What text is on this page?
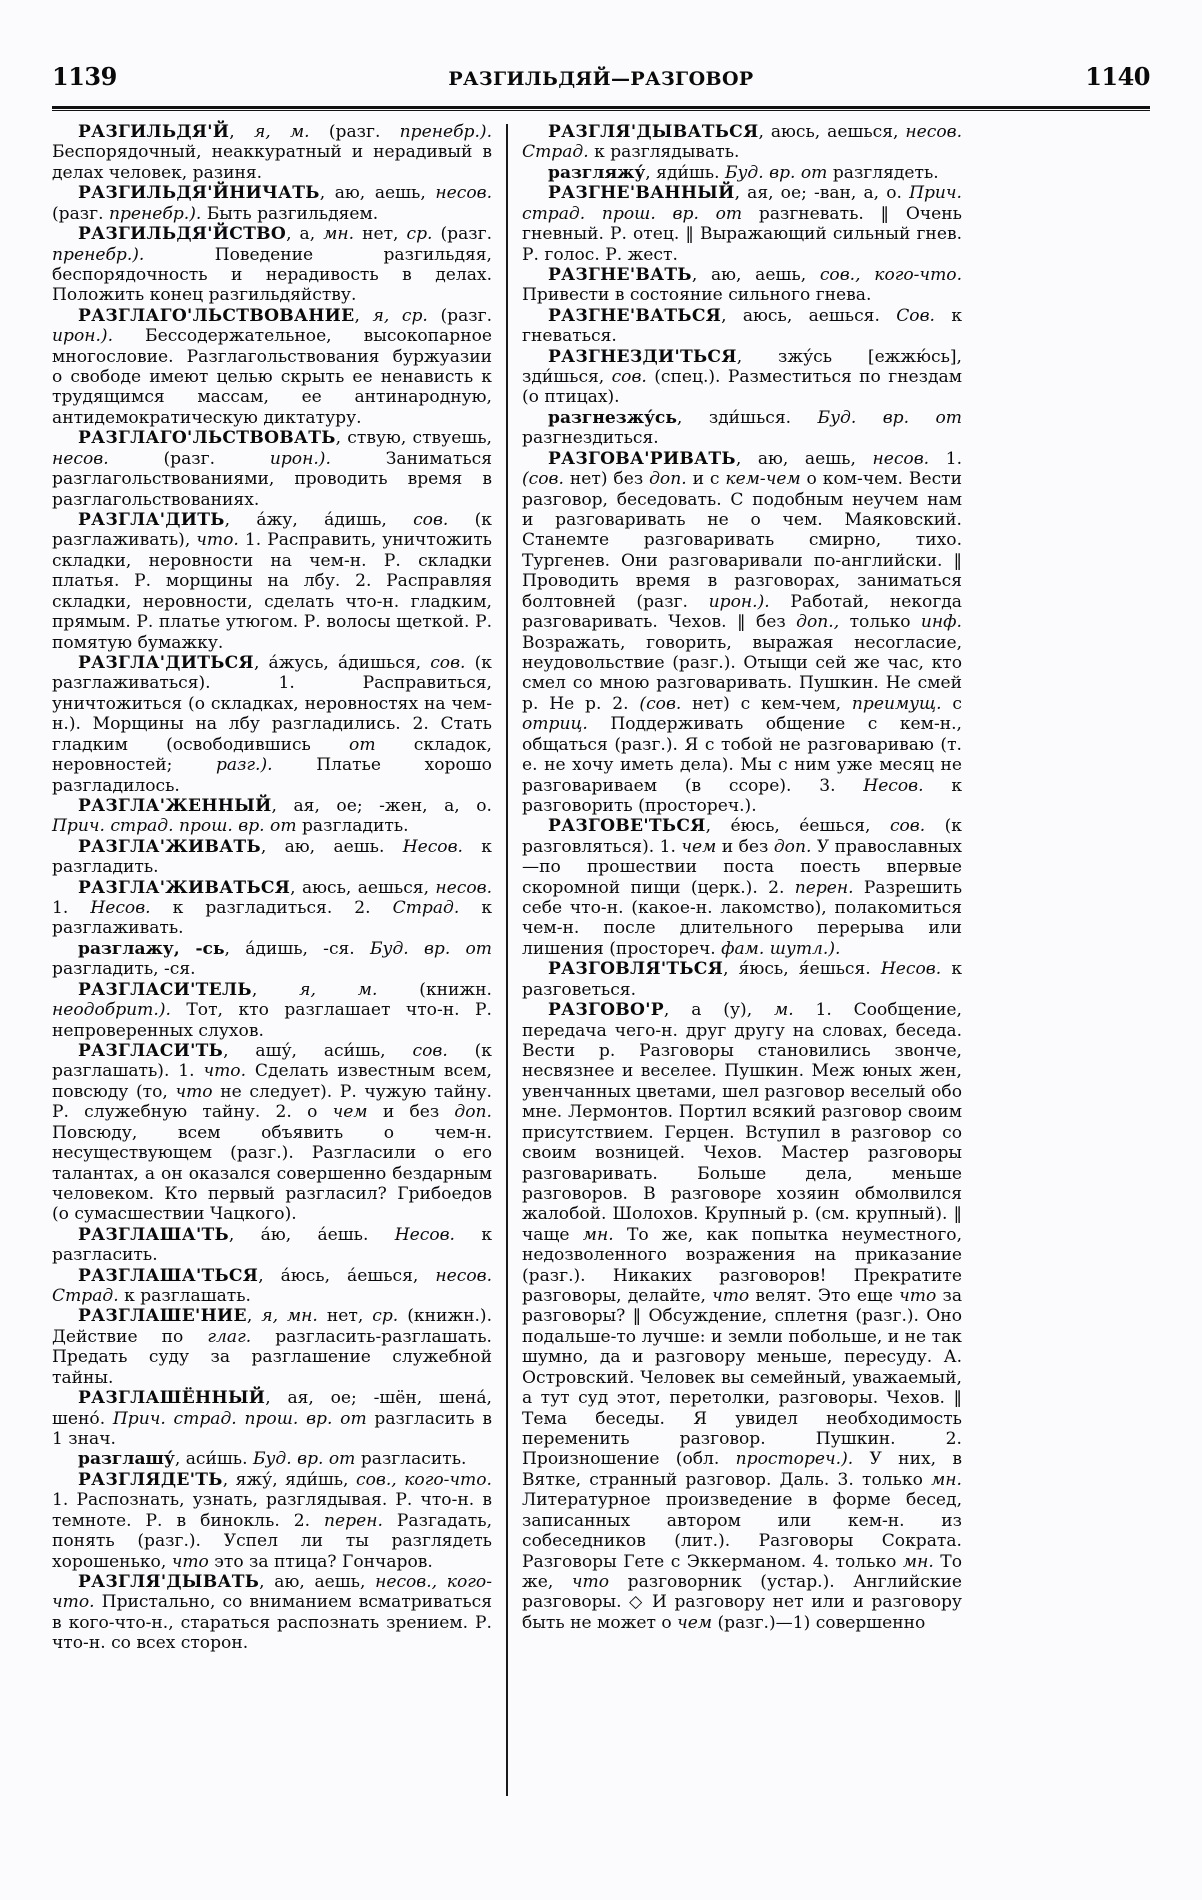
1139	РАЗГИЛЬДЯЙ—РАЗГОВОР	1140

РАЗГИЛЬДЯ'Й, я, м. (разг. пренебр.). Беспорядочный, неаккуратный и нерадивый в делах человек, разиня.

РАЗГИЛЬДЯ'ЙНИЧАТЬ, аю, аешь, несов. (разг. пренебр.). Быть разгильдяем.

РАЗГИЛЬДЯ'ЙСТВО, а, мн. нет, ср. (разг. пренебр.). Поведение разгильдяя, беспорядочность и нерадивость в делах. Положить конец разгильдяйству.

РАЗГЛАГО'ЛЬСТВОВАНИЕ, я, ср. (разг. ирон.). Бессодержательное, высокопарное многословие. Разглагольствования буржуазии о свободе имеют целью скрыть ее ненависть к трудящимся массам, ее антинародную, антидемократическую диктатуру.

РАЗГЛАГО'ЛЬСТВОВАТЬ, ствую, ствуешь, несов. (разг. ирон.). Заниматься разглагольствованиями, проводить время в разглагольствованиях.

РАЗГЛА'ДИТЬ, а́жу, а́дишь, сов. (к разглаживать), что. 1. Расправить, уничтожить складки, неровности на чем-н. Р. складки платья. Р. морщины на лбу. 2. Расправляя складки, неровности, сделать что-н. гладким, прямым. Р. платье утюгом. Р. волосы щеткой. Р. помятую бумажку.

РАЗГЛА'ДИТЬСЯ, а́жусь, а́дишься, сов. (к разглаживаться). 1. Расправиться, уничтожиться (о складках, неровностях на чем-н.). Морщины на лбу разгладились. 2. Стать гладким (освободившись от складок, неровностей; разг.). Платье хорошо разгладилось.

РАЗГЛА'ЖЕННЫЙ, ая, ое; -жен, а, о. Прич. страд. прош. вр. от разгладить.

РАЗГЛА'ЖИВАТЬ, аю, аешь. Несов. к разгладить.

РАЗГЛА'ЖИВАТЬСЯ, аюсь, аешься, несов. 1. Несов. к разгладиться. 2. Страд. к разглаживать.

разглажу, -сь, а́дишь, -ся. Буд. вр. от разгладить, -ся.

РАЗГЛАСИ'ТЕЛЬ, я, м. (книжн. неодобрит.). Тот, кто разглашает что-н. Р. непроверенных слухов.

РАЗГЛАСИ'ТЬ, ашу́, аси́шь, сов. (к разглашать). 1. что. Сделать известным всем, повсюду (то, что не следует). Р. чужую тайну. Р. служебную тайну. 2. о чем и без доп. Повсюду, всем объявить о чем-н. несуществующем (разг.). Разгласили о его талантах, а он оказался совершенно бездарным человеком. Кто первый разгласил? Грибоедов (о сумасшествии Чацкого).

РАЗГЛАША'ТЬ, а́ю, а́ешь. Несов. к разгласить.

РАЗГЛАША'ТЬСЯ, а́юсь, а́ешься, несов. Страд. к разглашать.

РАЗГЛАШЕ'НИЕ, я, мн. нет, ср. (книжн.). Действие по глаг. разгласить-разглашать. Предать суду за разглашение служебной тайны.

РАЗГЛАШЁННЫЙ, ая, ое; -шён, шена́, шено́. Прич. страд. прош. вр. от разгласить в 1 знач.

разглашу́, аси́шь. Буд. вр. от разгласить.

РАЗГЛЯДЕ'ТЬ, яжу́, яди́шь, сов., кого-что. 1. Распознать, узнать, разглядывая. Р. что-н. в темноте. Р. в бинокль. 2. перен. Разгадать, понять (разг.). Успел ли ты разглядеть хорошенько, что это за птица? Гончаров.

РАЗГЛЯ'ДЫВАТЬ, аю, аешь, несов., кого-что. Пристально, со вниманием всматриваться в кого-что-н., стараться распознать зрением. Р. что-н. со всех сторон.

РАЗГЛЯ'ДЫВАТЬСЯ, аюсь, аешься, несов. Страд. к разглядывать.

разгляжу́, яди́шь. Буд. вр. от разглядеть.

РАЗГНЕ'ВАННЫЙ, ая, ое; -ван, а, о. Прич. страд. прош. вр. от разгневать. ‖ Очень гневный. Р. отец. ‖ Выражающий сильный гнев. Р. голос. Р. жест.

РАЗГНЕ'ВАТЬ, аю, аешь, сов., кого-что. Привести в состояние сильного гнева.

РАЗГНЕ'ВАТЬСЯ, аюсь, аешься. Сов. к гневаться.

РАЗГНЕЗДИ'ТЬСЯ, зжу́сь [ежжю́сь], зди́шься, сов. (спец.). Разместиться по гнездам (о птицах).

разгнезжу́сь, зди́шься. Буд. вр. от разгнездиться.

РАЗГОВА'РИВАТЬ, аю, аешь, несов. 1. (сов. нет) без доп. и с кем-чем о ком-чем. Вести разговор, беседовать. С подобным неучем нам и разговаривать не о чем. Маяковский. Станемте разговаривать смирно, тихо. Тургенев. Они разговаривали по-английски. ‖ Проводить время в разговорах, заниматься болтовней (разг. ирон.). Работай, некогда разговаривать. Чехов. ‖ без доп., только инф. Возражать, говорить, выражая несогласие, неудовольствие (разг.). Отыщи сей же час, кто смел со мною разговаривать. Пушкин. Не смей р. Не р. 2. (сов. нет) с кем-чем, преимущ. с отриц. Поддерживать общение с кем-н., общаться (разг.). Я с тобой не разговариваю (т. е. не хочу иметь дела). Мы с ним уже месяц не разговариваем (в ссоре). 3. Несов. к разговорить (простореч.).

РАЗГОВЕ'ТЬСЯ, е́юсь, е́ешься, сов. (к разговляться). 1. чем и без доп. У православных—по прошествии поста поесть впервые скоромной пищи (церк.). 2. перен. Разрешить себе что-н. (какое-н. лакомство), полакомиться чем-н. после длительного перерыва или лишения (простореч. фам. шутл.).

РАЗГОВЛЯ'ТЬСЯ, я́юсь, я́ешься. Несов. к разговеться.

РАЗГОВО'Р, а (у), м. 1. Сообщение, передача чего-н. друг другу на словах, беседа. Вести р. Разговоры становились звонче, несвязнее и веселее. Пушкин. Меж юных жен, увенчанных цветами, шел разговор веселый обо мне. Лермонтов. Портил всякий разговор своим присутствием. Герцен. Вступил в разговор со своим возницей. Чехов. Мастер разговоры разговаривать. Больше дела, меньше разговоров. В разговоре хозяин обмолвился жалобой. Шолохов. Крупный р. (см. крупный). ‖ чаще мн. То же, как попытка неуместного, недозволенного возражения на приказание (разг.). Никаких разговоров! Прекратите разговоры, делайте, что велят. Это еще что за разговоры? ‖ Обсуждение, сплетня (разг.). Оно подальше-то лучше: и земли побольше, и не так шумно, да и разговору меньше, пересуду. А. Островский. Человек вы семейный, уважаемый, а тут суд этот, перетолки, разговоры. Чехов. ‖ Тема беседы. Я увидел необходимость переменить разговор. Пушкин. 2. Произношение (обл. простореч.). У них, в Вятке, странный разговор. Даль. 3. только мн. Литературное произведение в форме бесед, записанных автором или кем-н. из собеседников (лит.). Разговоры Сократа. Разговоры Гете с Эккерманом. 4. только мн. То же, что разговорник (устар.). Английские разговоры. ◇ И разговору нет или и разговору быть не может о чем (разг.)—1) совершенно
